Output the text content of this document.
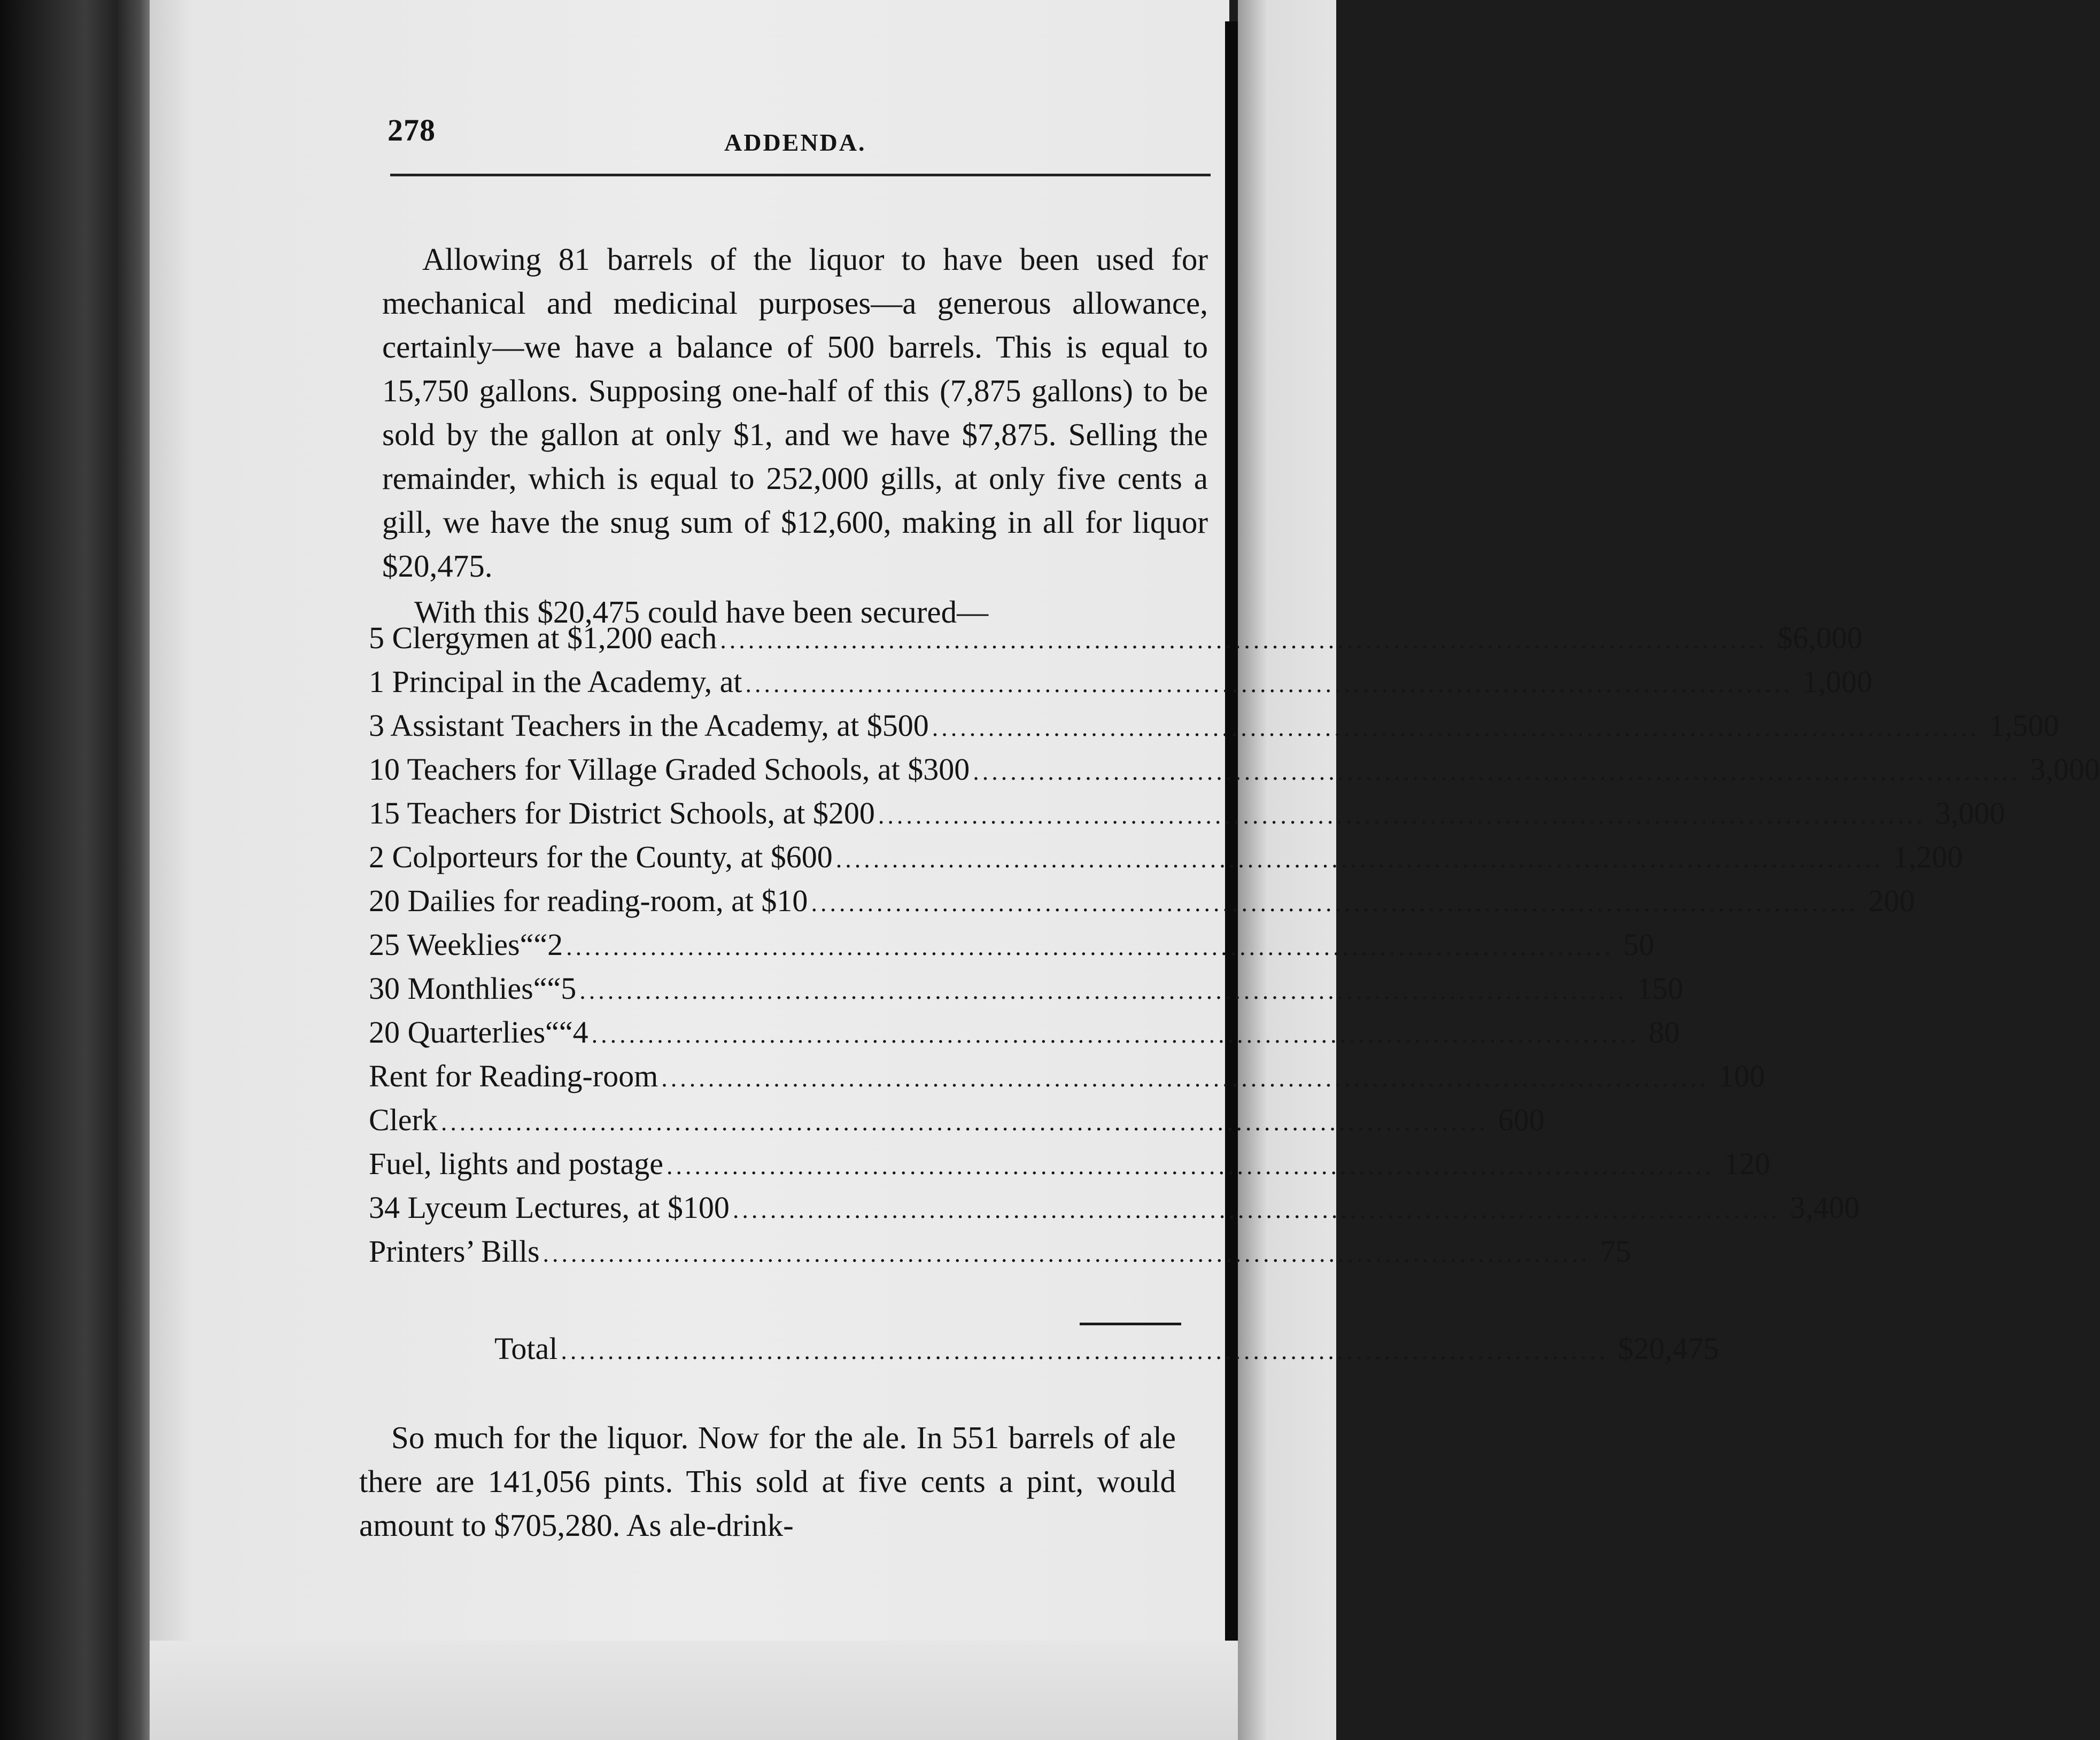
278	ADDENDA.

Allowing 81 barrels of the liquor to have been used for mechanical and medicinal purposes—a generous allowance, certainly—we have a balance of 500 barrels. This is equal to 15,750 gallons. Supposing one-half of this (7,875 gallons) to be sold by the gallon at only $1, and we have $7,875. Selling the remainder, which is equal to 252,000 gills, at only five cents a gill, we have the snug sum of $12,600, making in all for liquor $20,475.

With this $20,475 could have been secured—

5 Clergymen at $1,200 each ................................................................................................................ $6,000
1 Principal in the Academy, at ................................................................................................................ 1,000
3 Assistant Teachers in the Academy, at $500 ................................................................................................................ 1,500
10 Teachers for Village Graded Schools, at $300 ................................................................................................................ 3,000
15 Teachers for District Schools, at $200 ................................................................................................................ 3,000
2 Colporteurs for the County, at $600 ................................................................................................................ 1,200
20 Dailies for reading-room, at $10 ................................................................................................................ 200
25 Weeklies “ “ 2 ................................................................................................................ 50
30 Monthlies “ “ 5 ................................................................................................................ 150
20 Quarterlies “ “ 4 ................................................................................................................ 80
Rent for Reading-room ................................................................................................................ 100
Clerk ................................................................................................................ 600
Fuel, lights and postage ................................................................................................................ 120
34 Lyceum Lectures, at $100 ................................................................................................................ 3,400
Printers’ Bills ................................................................................................................ 75
Total ................................................................................................................ $20,475

So much for the liquor. Now for the ale. In 551 barrels of ale there are 141,056 pints. This sold at five cents a pint, would amount to $705,280. As ale-drink-
